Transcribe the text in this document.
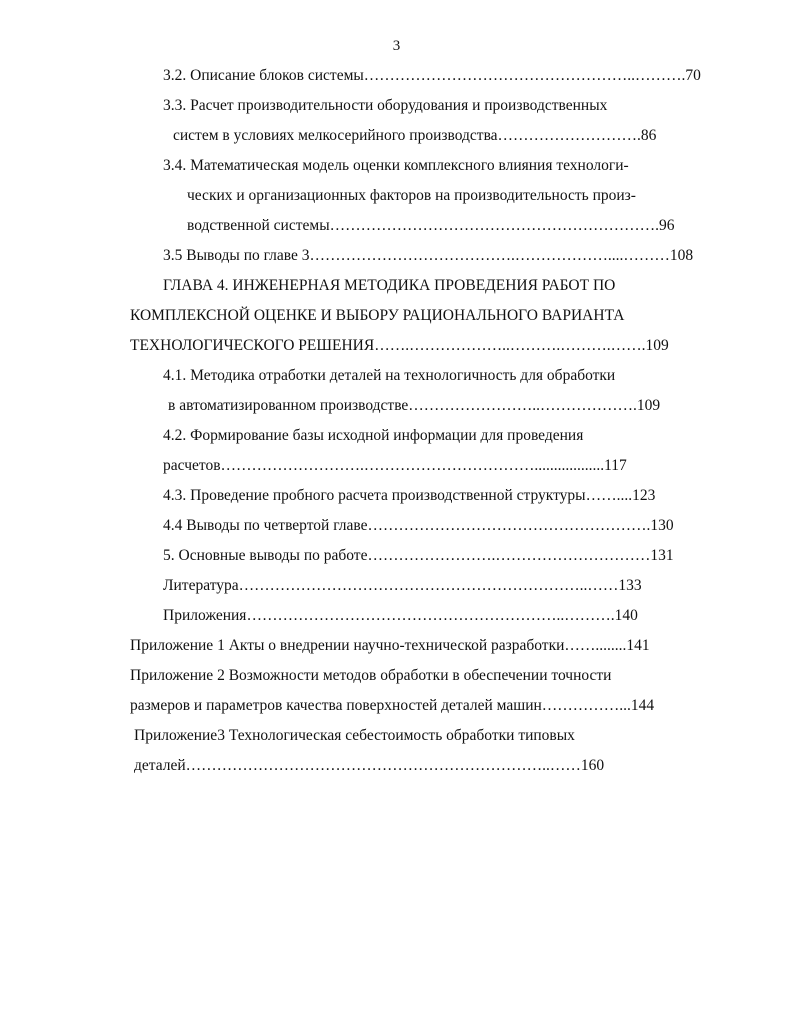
3
3.2. Описание блоков системы……………………………………………..……….70
3.3. Расчет производительности оборудования и производственных
систем в условиях мелкосерийного производства……………………….86
3.4. Математическая модель оценки комплексного влияния технологи-
ческих и организационных факторов на производительность произ-
водственной системы……………………………………………………….96
3.5 Выводы по главе 3………………………………….………………....………108
ГЛАВА 4. ИНЖЕНЕРНАЯ МЕТОДИКА ПРОВЕДЕНИЯ РАБОТ ПО
КОМПЛЕКСНОЙ ОЦЕНКЕ И ВЫБОРУ РАЦИОНАЛЬНОГО ВАРИАНТА
ТЕХНОЛОГИЧЕСКОГО РЕШЕНИЯ…….………………..……….……….…….109
4.1. Методика отработки деталей на технологичность для обработки
в автоматизированном производстве……………………..……………….109
4.2. Формирование базы исходной информации для проведения
расчетов……………………….……………………………..................117
4.3. Проведение пробного расчета производственной структуры……....123
4.4 Выводы по четвертой главе……………………………………………….130
5. Основные выводы по работе…………………….…………………………131
Литература…………………………………………………………..……133
Приложения……………………………………………………..……….140
Приложение 1 Акты о внедрении научно-технической разработки……........141
Приложение 2 Возможности методов обработки в обеспечении точности
размеров и параметров качества поверхностей деталей машин……………...144
Приложение3 Технологическая себестоимость обработки типовых
деталей……………………………………………………………..……160
